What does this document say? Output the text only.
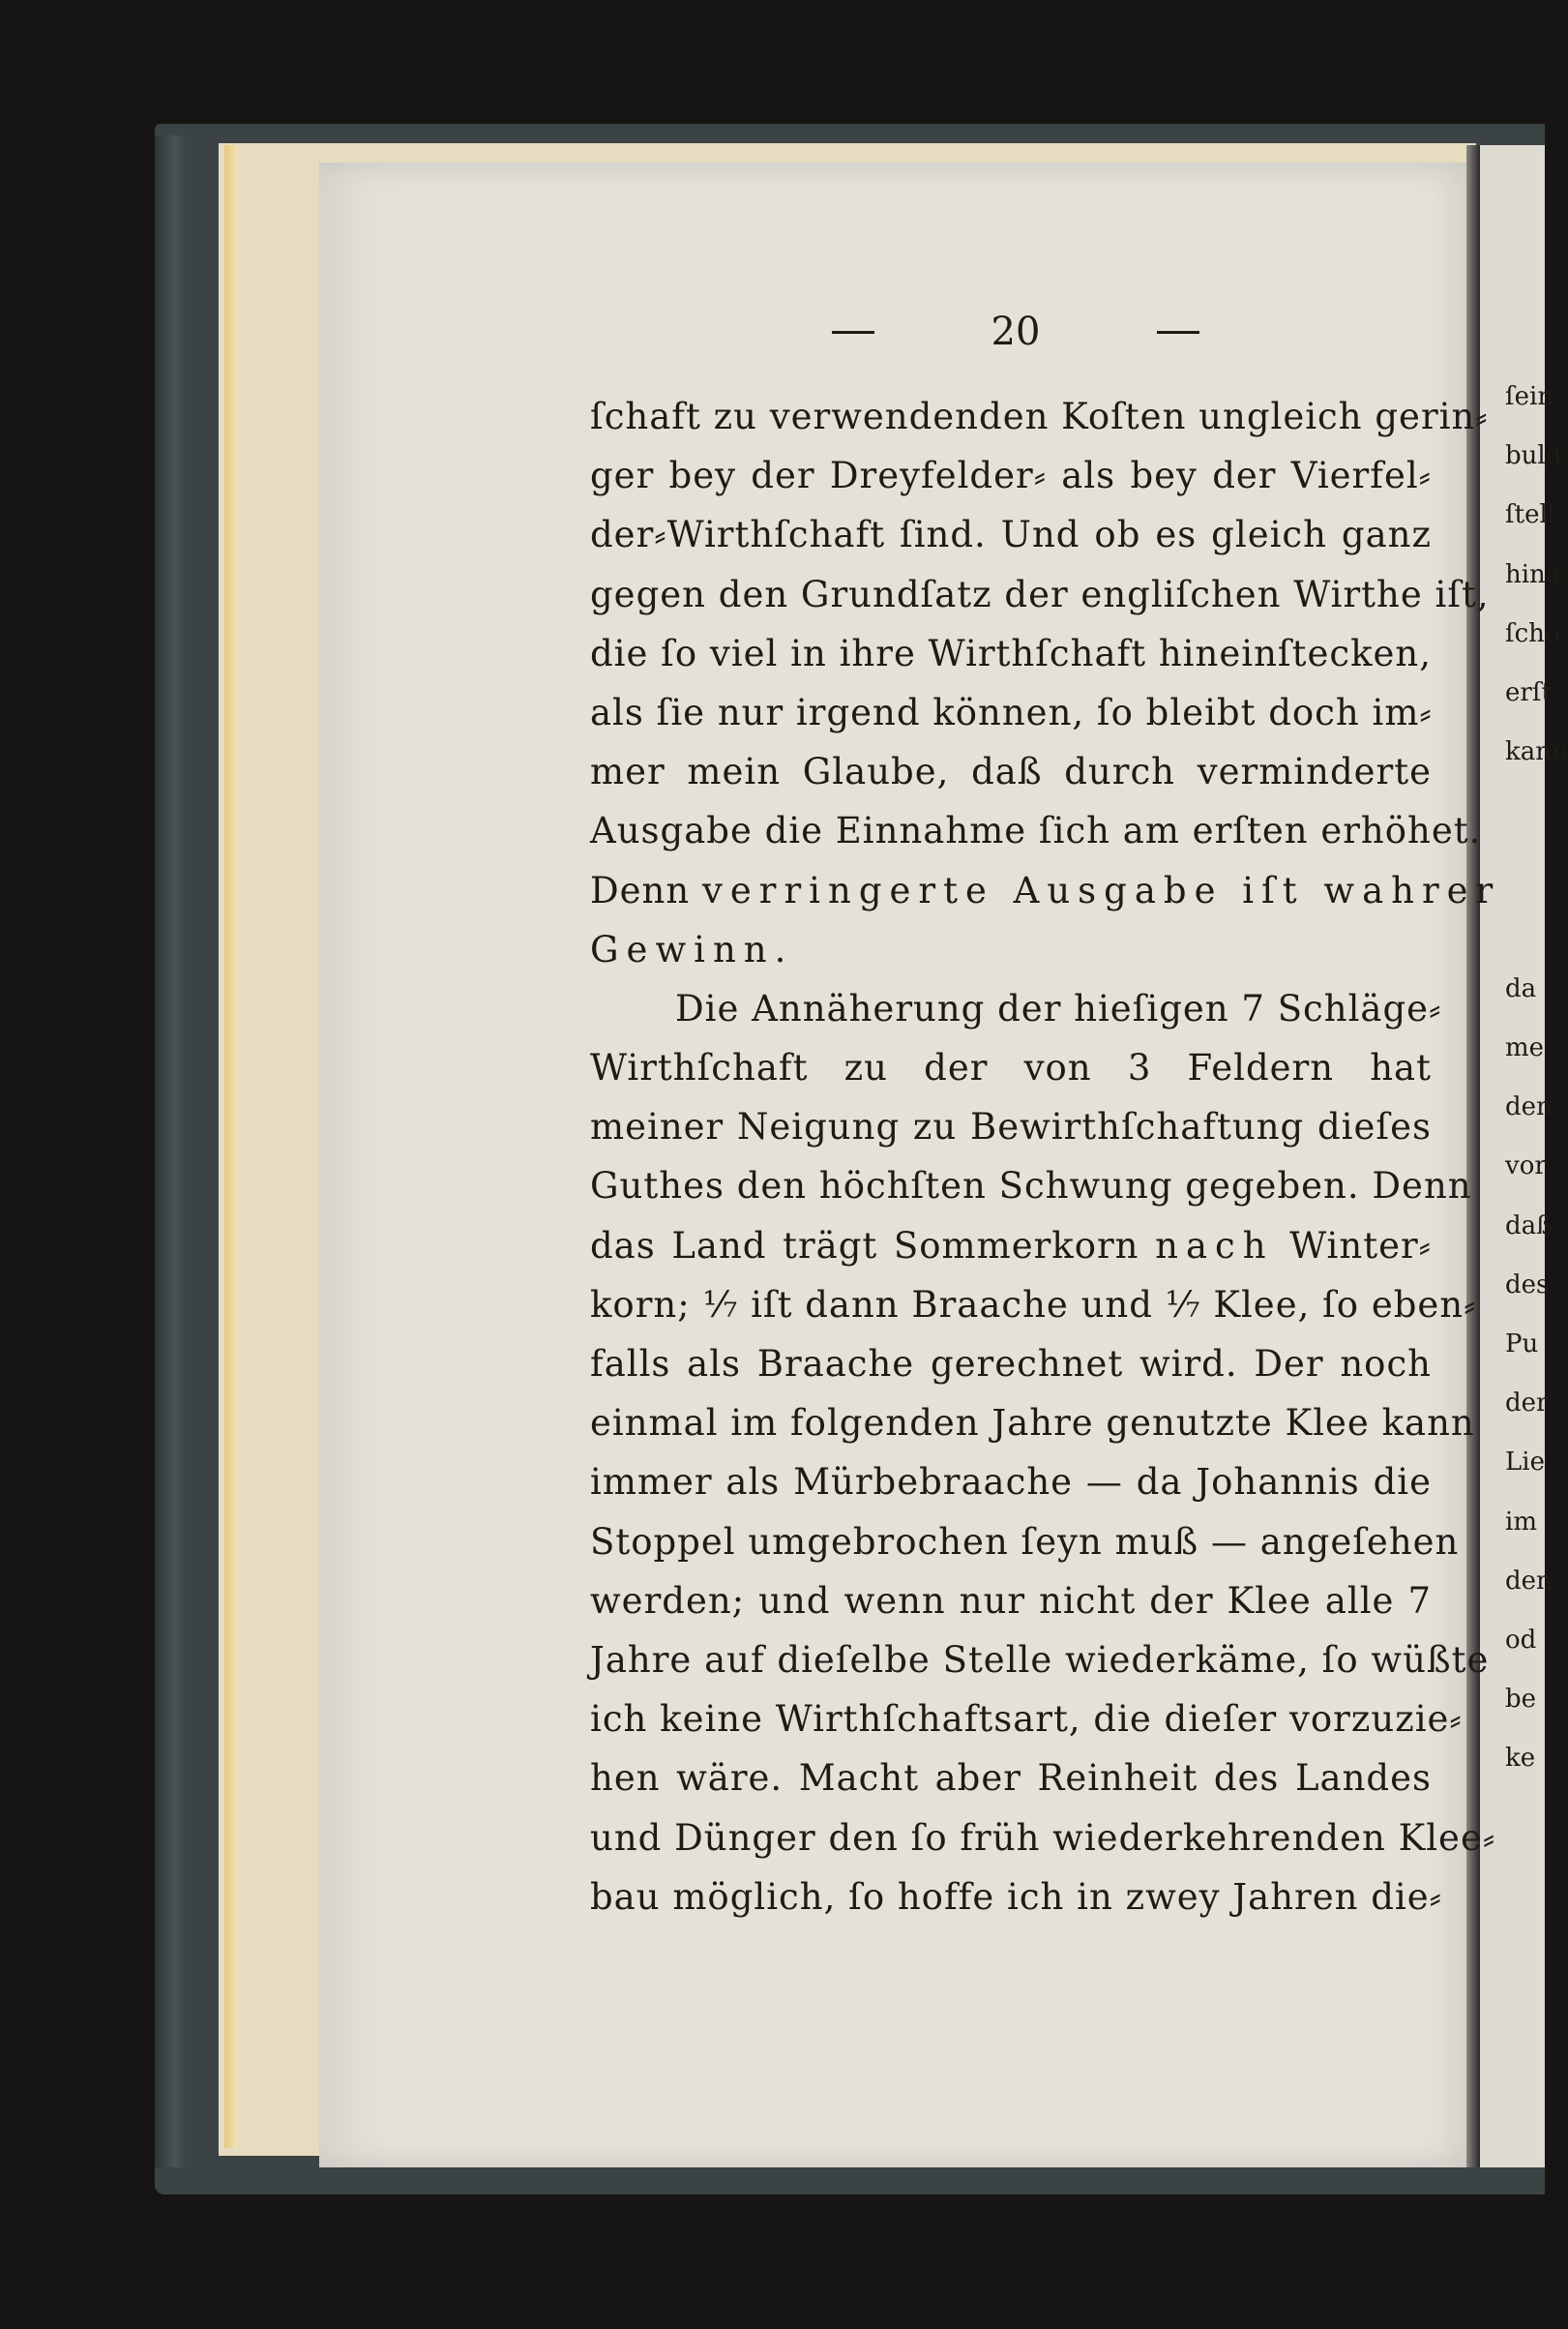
20
ſchaft zu verwendenden Koſten ungleich gerin⸗
ger bey der Dreyfelder⸗ als bey der Vierfel⸗
der⸗Wirthſchaft ſind. Und ob es gleich ganz
gegen den Grundſatz der engliſchen Wirthe iſt,
die ſo viel in ihre Wirthſchaft hineinſtecken,
als ſie nur irgend können, ſo bleibt doch im⸗
mer mein Glaube, daß durch verminderte
Ausgabe die Einnahme ſich am erſten erhöhet.
Denn verringerte Ausgabe iſt wahrer
Gewinn.
Die Annäherung der hieſigen 7 Schläge⸗
Wirthſchaft zu der von 3 Feldern hat
meiner Neigung zu Bewirthſchaftung dieſes
Guthes den höchſten Schwung gegeben. Denn
das Land trägt Sommerkorn nach Winter⸗
korn; ⅐ iſt dann Braache und ⅐ Klee, ſo eben⸗
falls als Braache gerechnet wird. Der noch
einmal im folgenden Jahre genutzte Klee kann
immer als Mürbebraache — da Johannis die
Stoppel umgebrochen ſeyn muß — angeſehen
werden; und wenn nur nicht der Klee alle 7
Jahre auf dieſelbe Stelle wiederkäme, ſo wüßte
ich keine Wirthſchaftsart, die dieſer vorzuzie⸗
hen wäre. Macht aber Reinheit des Landes
und Dünger den ſo früh wiederkehrenden Klee⸗
bau möglich, ſo hoffe ich in zwey Jahren die⸗
ſein
buld
ſtell
hina
ſcho
erſt
kann
da
me
den
vor
daß
des
Pu
der
Lie
im
den
od
be
ke
